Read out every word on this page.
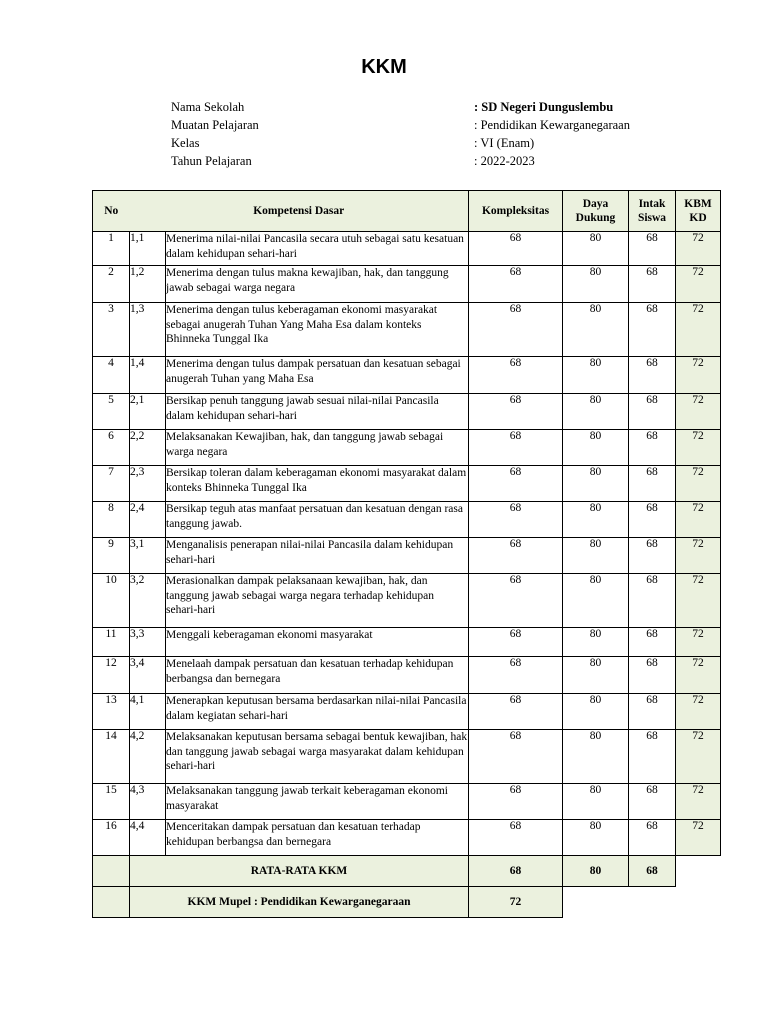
KKM
Nama Sekolah	: SD Negeri Dunguslembu
Muatan Pelajaran	: Pendidikan Kewarganegaraan
Kelas	: VI (Enam)
Tahun Pelajaran	: 2022-2023
No	Kompetensi Dasar		Kompleksitas	Daya Dukung	Intak Siswa	KBM KD
1	1,1	Menerima nilai-nilai Pancasila secara utuh sebagai satu kesatuan dalam kehidupan sehari-hari	68	80	68	72
2	1,2	Menerima dengan tulus makna kewajiban, hak, dan tanggung jawab sebagai warga negara	68	80	68	72
3	1,3	Menerima dengan tulus keberagaman ekonomi masyarakat sebagai anugerah Tuhan Yang Maha Esa dalam konteks Bhinneka Tunggal Ika	68	80	68	72
4	1,4	Menerima dengan tulus dampak persatuan dan kesatuan sebagai anugerah Tuhan yang Maha Esa	68	80	68	72
5	2,1	Bersikap penuh tanggung jawab sesuai nilai-nilai Pancasila dalam kehidupan sehari-hari	68	80	68	72
6	2,2	Melaksanakan Kewajiban, hak, dan tanggung jawab sebagai warga negara	68	80	68	72
7	2,3	Bersikap toleran dalam keberagaman ekonomi masyarakat dalam konteks Bhinneka Tunggal Ika	68	80	68	72
8	2,4	Bersikap teguh atas manfaat persatuan dan kesatuan dengan rasa tanggung jawab.	68	80	68	72
9	3,1	Menganalisis penerapan nilai-nilai Pancasila dalam kehidupan sehari-hari	68	80	68	72
10	3,2	Merasionalkan dampak pelaksanaan kewajiban, hak, dan tanggung jawab sebagai warga negara terhadap kehidupan sehari-hari	68	80	68	72
11	3,3	Menggali keberagaman ekonomi masyarakat	68	80	68	72
12	3,4	Menelaah dampak persatuan dan kesatuan terhadap kehidupan berbangsa dan bernegara	68	80	68	72
13	4,1	Menerapkan keputusan bersama berdasarkan nilai-nilai Pancasila dalam kegiatan sehari-hari	68	80	68	72
14	4,2	Melaksanakan keputusan bersama sebagai bentuk kewajiban, hak dan tanggung jawab sebagai warga masyarakat dalam kehidupan sehari-hari	68	80	68	72
15	4,3	Melaksanakan tanggung jawab terkait keberagaman ekonomi masyarakat	68	80	68	72
16	4,4	Menceritakan dampak persatuan dan kesatuan terhadap kehidupan berbangsa dan bernegara	68	80	68	72
	RATA-RATA KKM		68	80	68	
	KKM Mupel : Pendidikan Kewarganegaraan		72			
